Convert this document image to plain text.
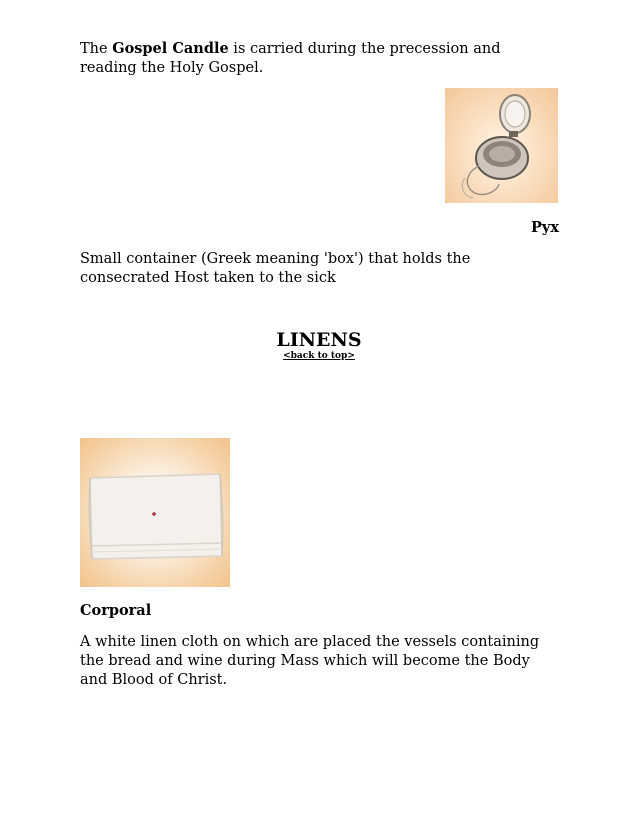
The Gospel Candle is carried during the precession and reading the Holy Gospel.

Pyx

Small container (Greek meaning 'box') that holds the consecrated Host taken to the sick

LINENS
<back to top>
Corporal

A white linen cloth on which are placed the vessels containing the bread and wine during Mass which will become the Body and Blood of Christ.
